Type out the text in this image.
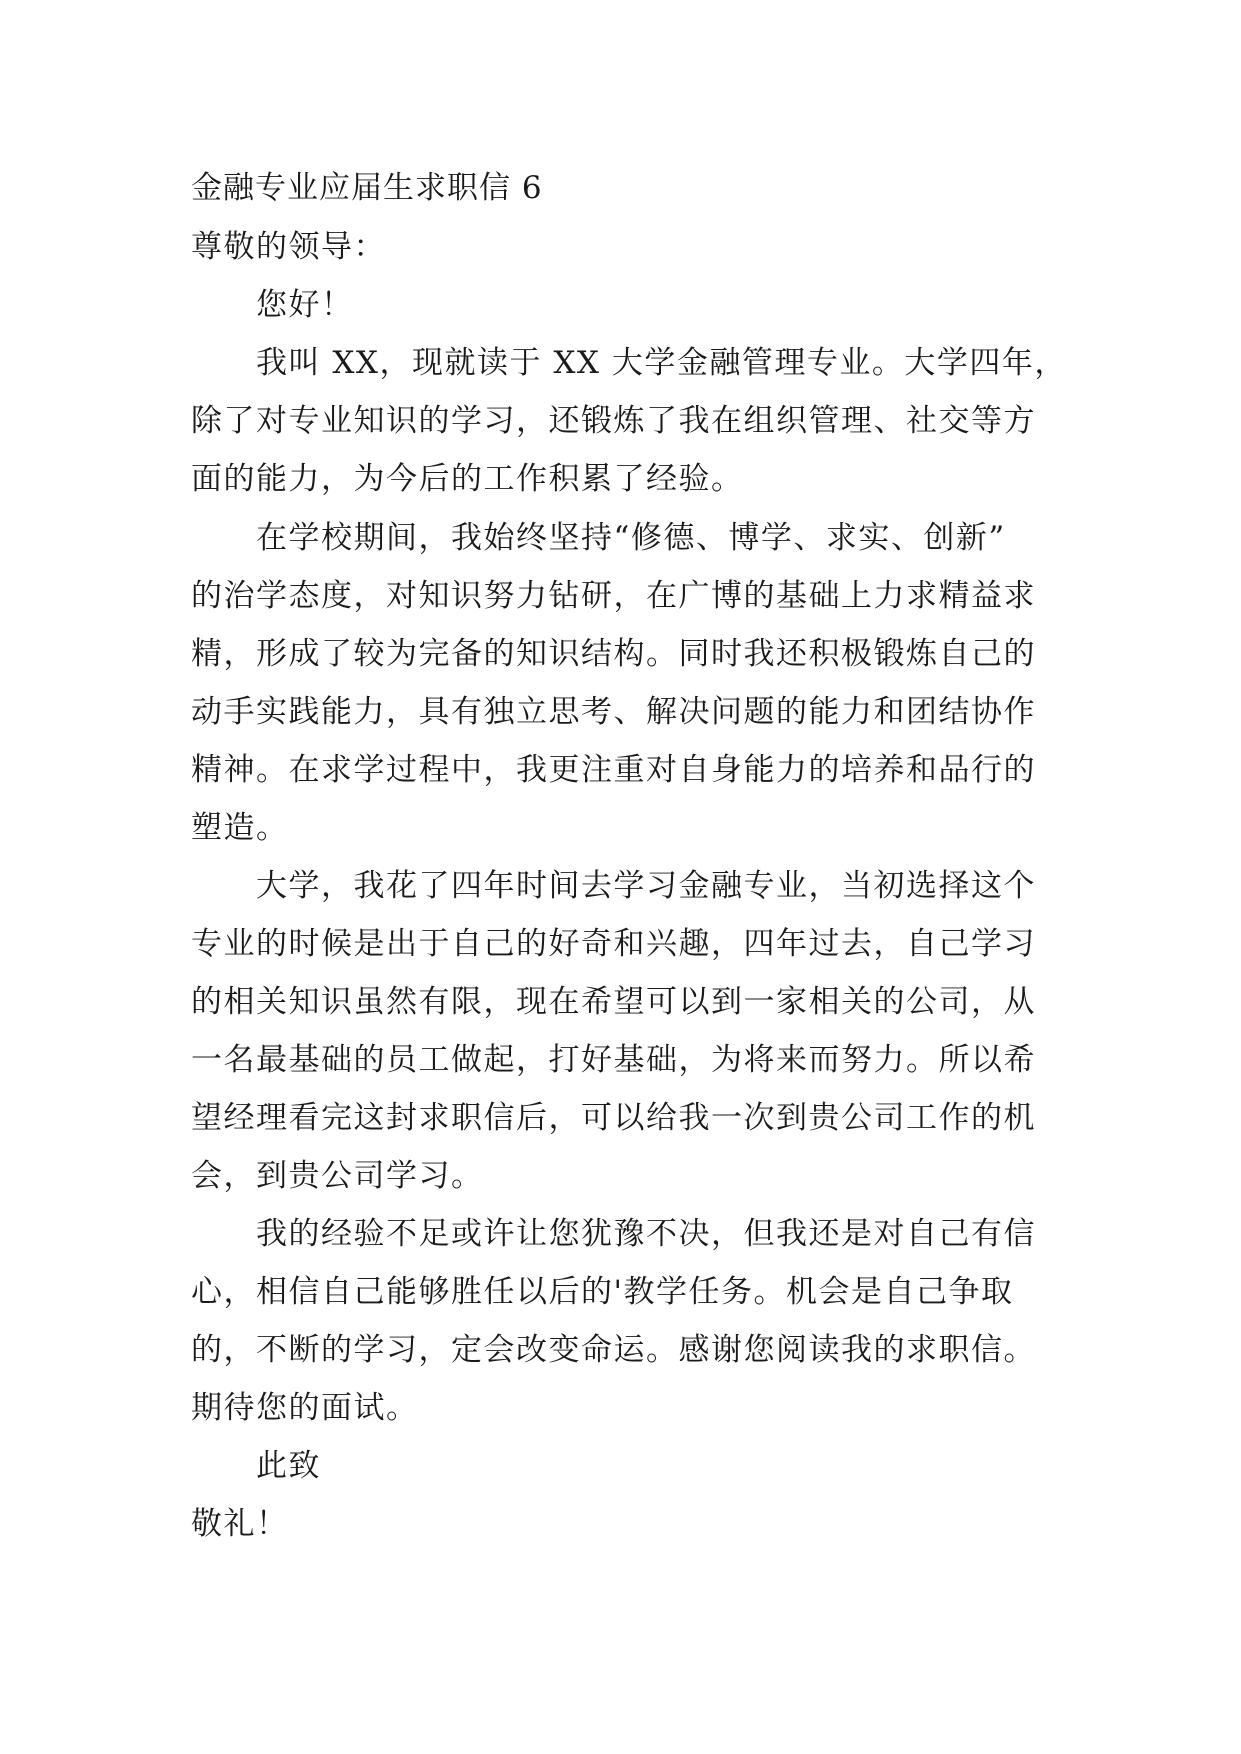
金融专业应届生求职信 6
尊敬的领导：
您好！
我叫 XX，现就读于 XX 大学金融管理专业。大学四年，
除了对专业知识的学习，还锻炼了我在组织管理、社交等方
面的能力，为今后的工作积累了经验。
在学校期间，我始终坚持“修德、博学、求实、创新”
的治学态度，对知识努力钻研，在广博的基础上力求精益求
精，形成了较为完备的知识结构。同时我还积极锻炼自己的
动手实践能力，具有独立思考、解决问题的能力和团结协作
精神。在求学过程中，我更注重对自身能力的培养和品行的
塑造。
大学，我花了四年时间去学习金融专业，当初选择这个
专业的时候是出于自己的好奇和兴趣，四年过去，自己学习
的相关知识虽然有限，现在希望可以到一家相关的公司，从
一名最基础的员工做起，打好基础，为将来而努力。所以希
望经理看完这封求职信后，可以给我一次到贵公司工作的机
会，到贵公司学习。
我的经验不足或许让您犹豫不决，但我还是对自己有信
心，相信自己能够胜任以后的'教学任务。机会是自己争取
的，不断的学习，定会改变命运。感谢您阅读我的求职信。
期待您的面试。
此致
敬礼！
